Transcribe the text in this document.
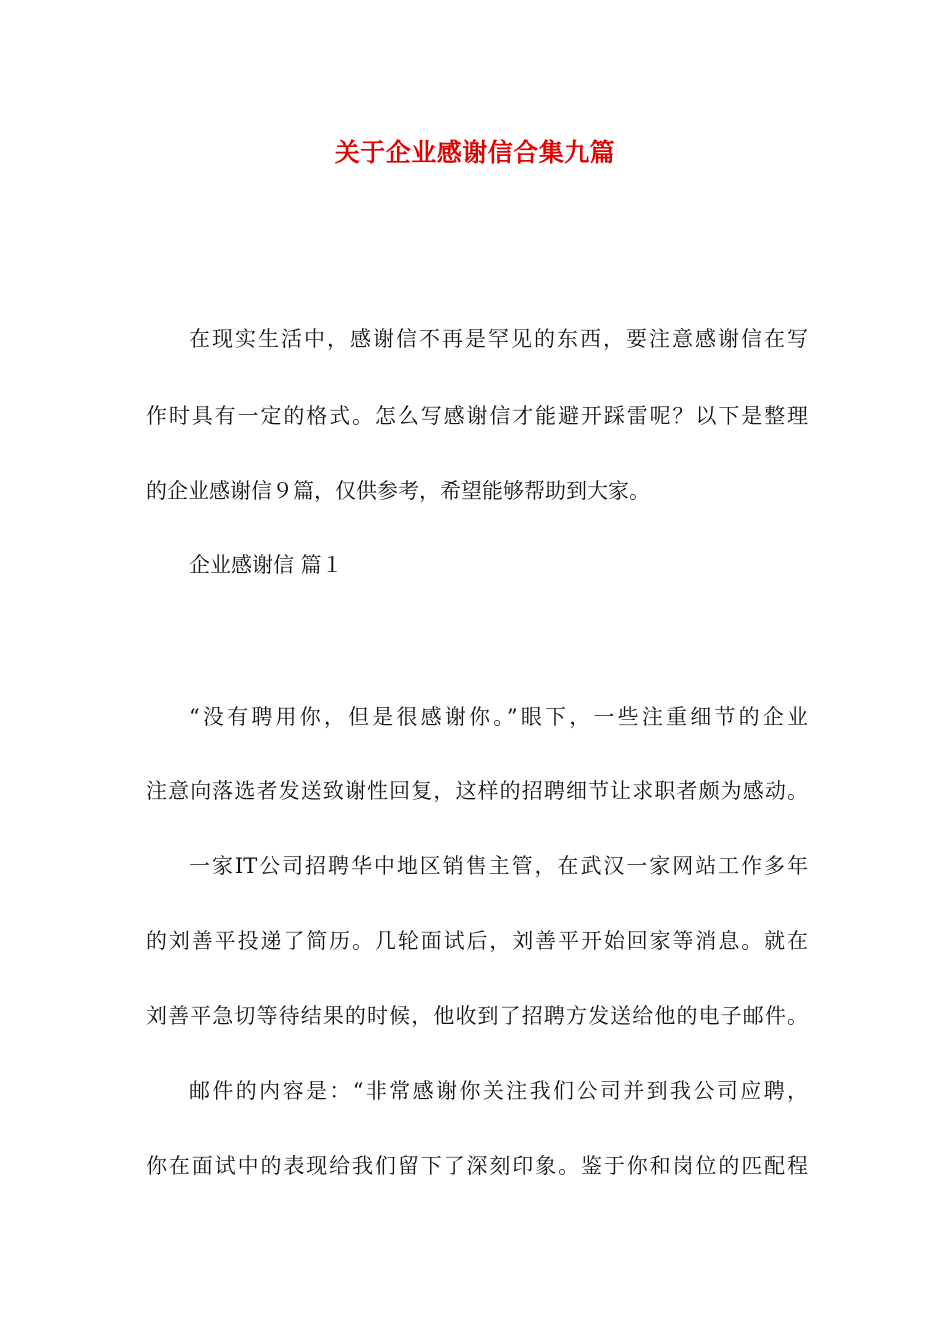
关于企业感谢信合集九篇
在现实生活中，感谢信不再是罕见的东西，要注意感谢信在写
作时具有一定的格式。怎么写感谢信才能避开踩雷呢？以下是整理
的企业感谢信９篇，仅供参考，希望能够帮助到大家。
企业感谢信 篇１
“没有聘用你，但是很感谢你。”眼下，一些注重细节的企业
注意向落选者发送致谢性回复，这样的招聘细节让求职者颇为感动。
一家IT公司招聘华中地区销售主管，在武汉一家网站工作多年
的刘善平投递了简历。几轮面试后，刘善平开始回家等消息。就在
刘善平急切等待结果的时候，他收到了招聘方发送给他的电子邮件。
邮件的内容是：“非常感谢你关注我们公司并到我公司应聘，
你在面试中的表现给我们留下了深刻印象。鉴于你和岗位的匹配程
